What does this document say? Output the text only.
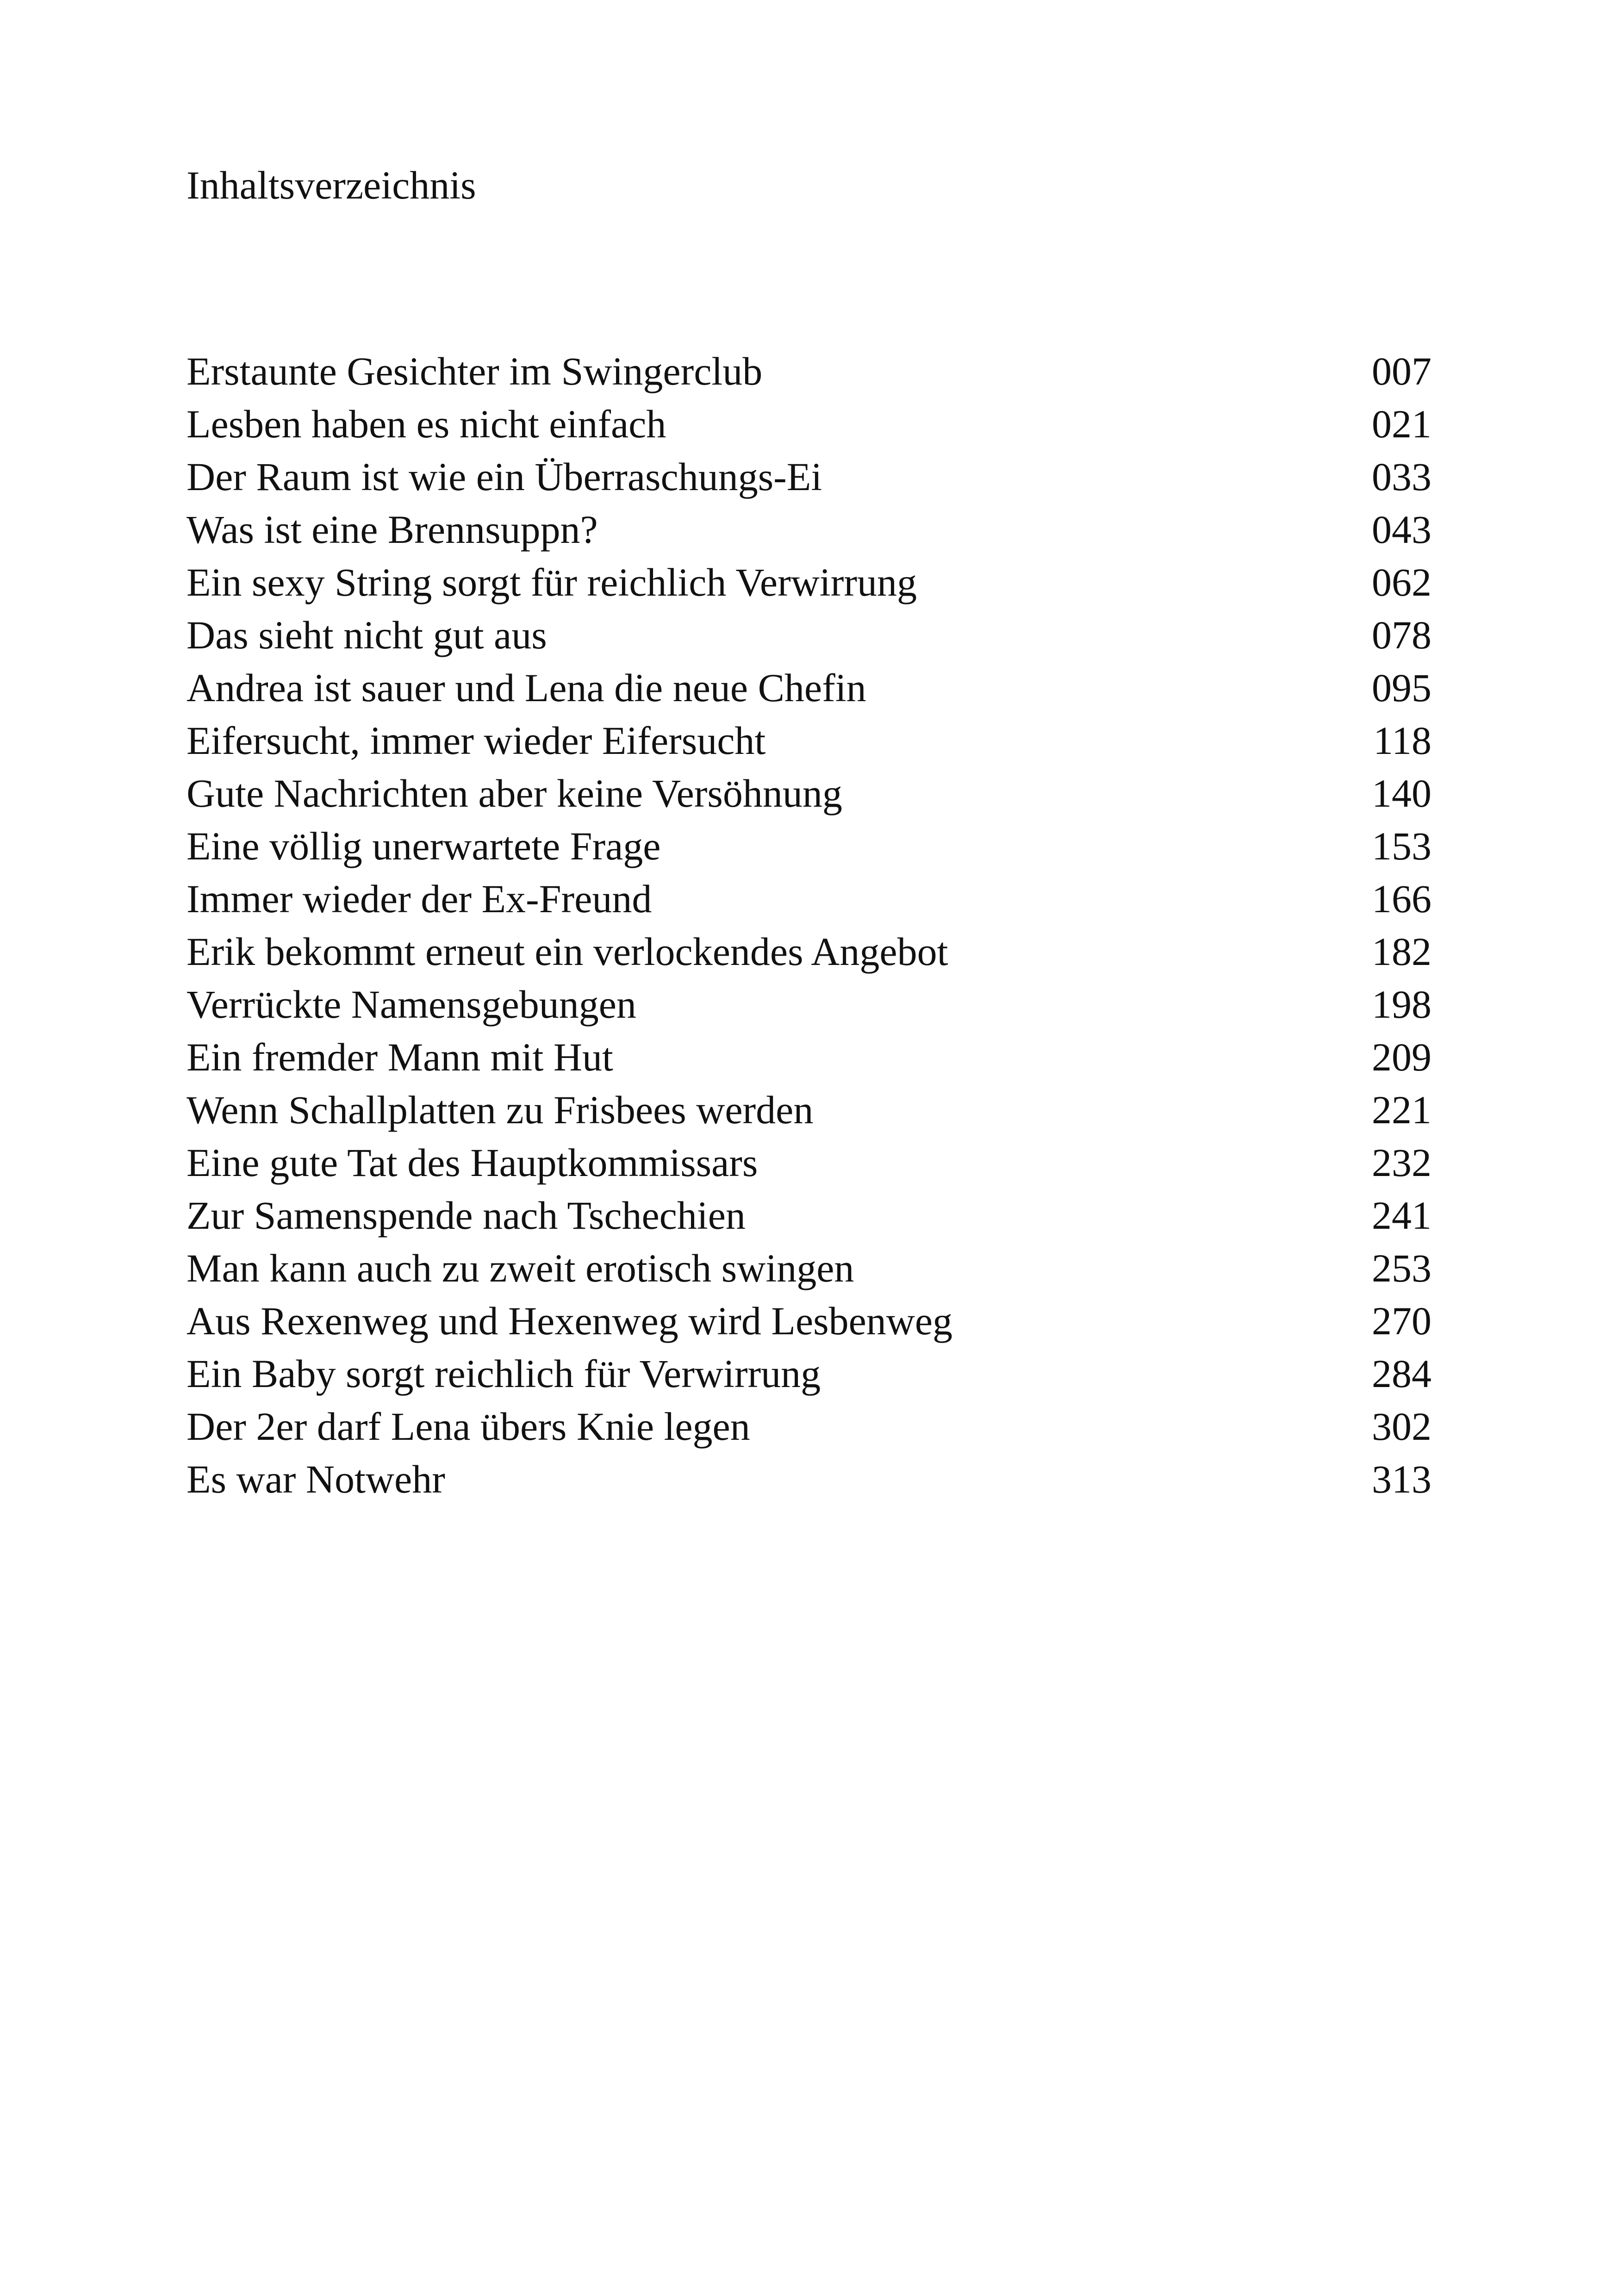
Inhaltsverzeichnis
Erstaunte Gesichter im Swingerclub	007
Lesben haben es nicht einfach	021
Der Raum ist wie ein Überraschungs-Ei	033
Was ist eine Brennsuppn?	043
Ein sexy String sorgt für reichlich Verwirrung	062
Das sieht nicht gut aus	078
Andrea ist sauer und Lena die neue Chefin	095
Eifersucht, immer wieder Eifersucht	118
Gute Nachrichten aber keine Versöhnung	140
Eine völlig unerwartete Frage	153
Immer wieder der Ex-Freund	166
Erik bekommt erneut ein verlockendes Angebot	182
Verrückte Namensgebungen	198
Ein fremder Mann mit Hut	209
Wenn Schallplatten zu Frisbees werden	221
Eine gute Tat des Hauptkommissars	232
Zur Samenspende nach Tschechien	241
Man kann auch zu zweit erotisch swingen	253
Aus Rexenweg und Hexenweg wird Lesbenweg	270
Ein Baby sorgt reichlich für Verwirrung	284
Der 2er darf Lena übers Knie legen	302
Es war Notwehr	313
